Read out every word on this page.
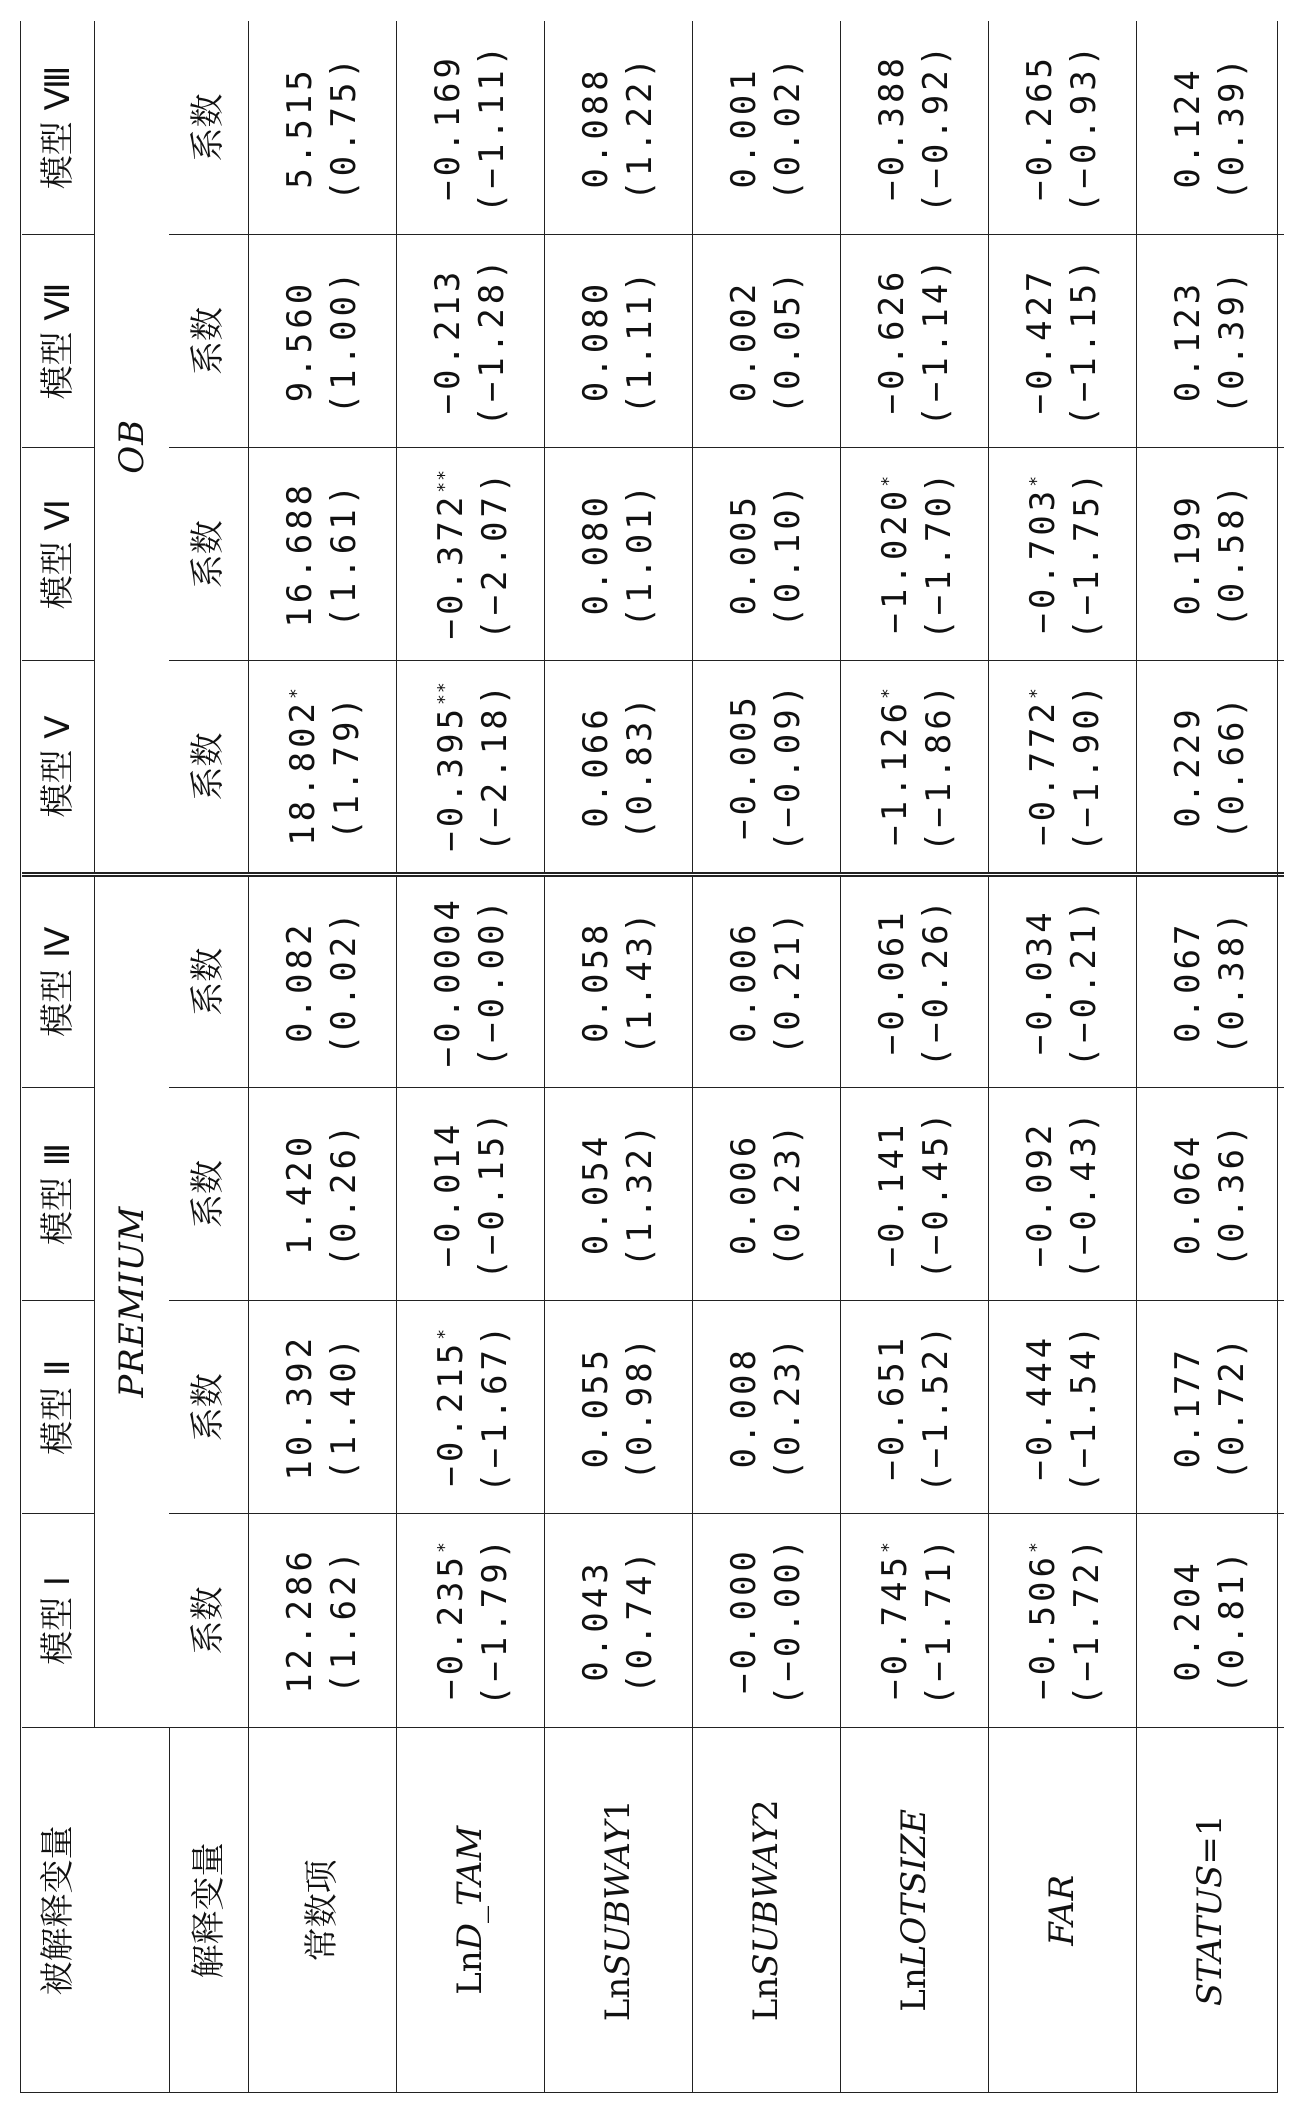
被解释变量	模型 Ⅰ	模型 Ⅱ	模型 Ⅲ	模型 Ⅳ	模型 Ⅴ	模型 Ⅵ	模型 Ⅶ	模型 Ⅷ
	PREMIUM				OB			
解释变量	系数	系数	系数	系数	系数	系数	系数	系数
常数项	12.286 (1.62)	10.392 (1.40)	1.420 (0.26)	0.082 (0.02)	18.802* (1.79)	16.688 (1.61)	9.560 (1.00)	5.515 (0.75)

LnD_TAM	−0.235* (−1.79)	−0.215* (−1.67)	−0.014 (−0.15)	−0.0004 (−0.00)	−0.395** (−2.18)	−0.372** (−2.07)	−0.213 (−1.28)	−0.169 (−1.11)

LnSUBWAY1	0.043 (0.74)	0.055 (0.98)	0.054 (1.32)	0.058 (1.43)	0.066 (0.83)	0.080 (1.01)	0.080 (1.11)	0.088 (1.22)

LnSUBWAY2	−0.000 (−0.00)	0.008 (0.23)	0.006 (0.23)	0.006 (0.21)	−0.005 (−0.09)	0.005 (0.10)	0.002 (0.05)	0.001 (0.02)

LnLOTSIZE	−0.745* (−1.71)	−0.651 (−1.52)	−0.141 (−0.45)	−0.061 (−0.26)	−1.126* (−1.86)	−1.020* (−1.70)	−0.626 (−1.14)	−0.388 (−0.92)

FAR	−0.506* (−1.72)	−0.444 (−1.54)	−0.092 (−0.43)	−0.034 (−0.21)	−0.772* (−1.90)	−0.703* (−1.75)	−0.427 (−1.15)	−0.265 (−0.93)

STATUS=1	0.204 (0.81)	0.177 (0.72)	0.064 (0.36)	0.067 (0.38)	0.229 (0.66)	0.199 (0.58)	0.123 (0.39)	0.124 (0.39)
